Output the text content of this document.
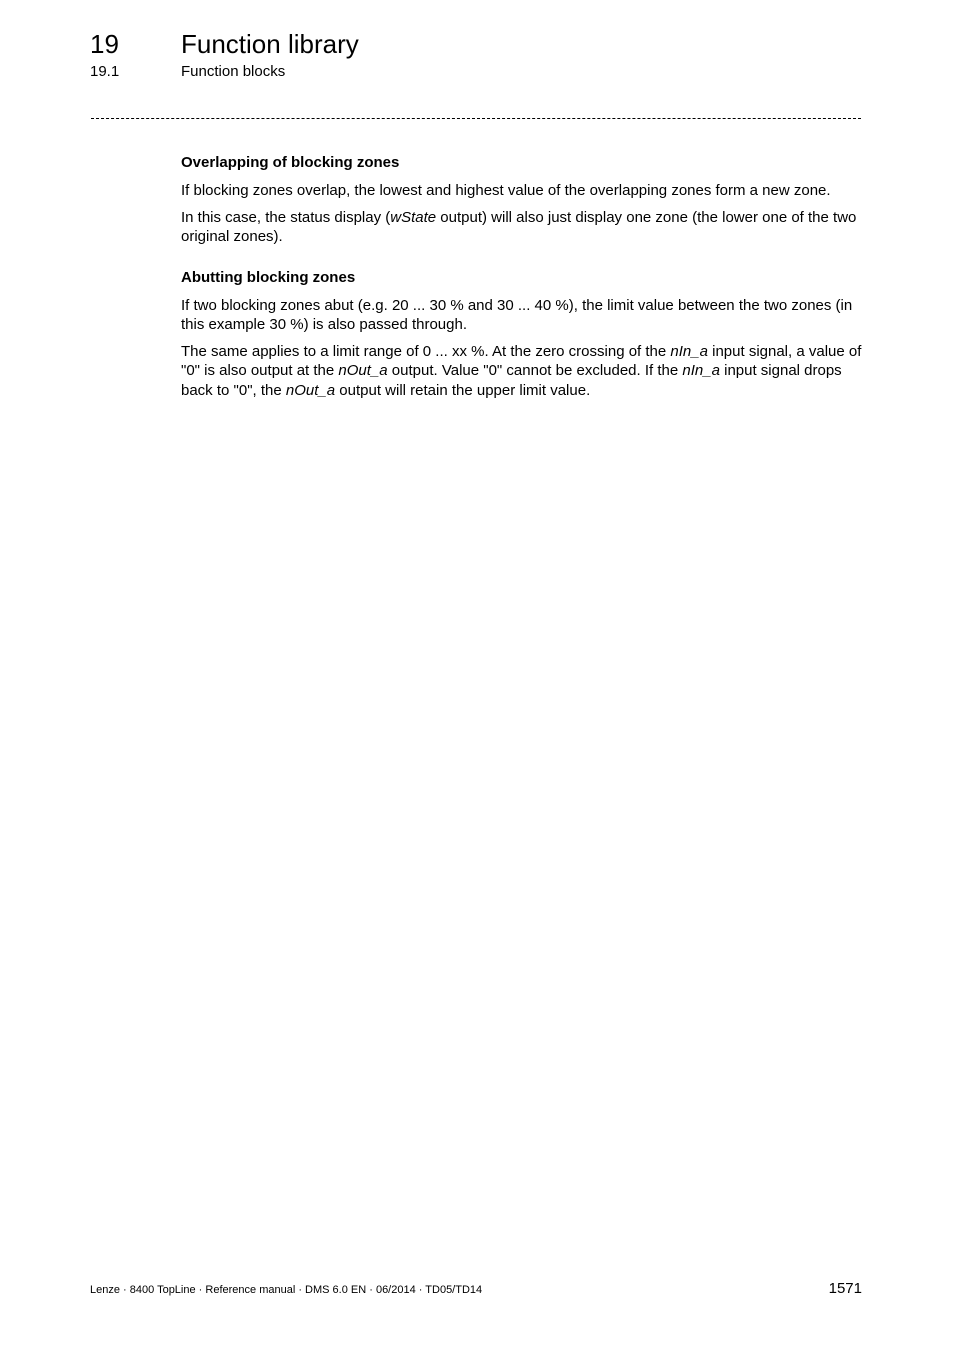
19 Function library
19.1	Function blocks
Overlapping of blocking zones

If blocking zones overlap, the lowest and highest value of the overlapping zones form a new zone.

In this case, the status display (wState output) will also just display one zone (the lower one of the two original zones).

Abutting blocking zones

If two blocking zones abut (e.g. 20 ... 30 % and 30 ... 40 %), the limit value between the two zones (in this example 30 %) is also passed through.

The same applies to a limit range of 0 ... xx %. At the zero crossing of the nIn_a input signal, a value of "0" is also output at the nOut_a output. Value "0" cannot be excluded. If the nIn_a input signal drops back to "0", the nOut_a output will retain the upper limit value.

Lenze · 8400 TopLine · Reference manual · DMS 6.0 EN · 06/2014 · TD05/TD14	1571
